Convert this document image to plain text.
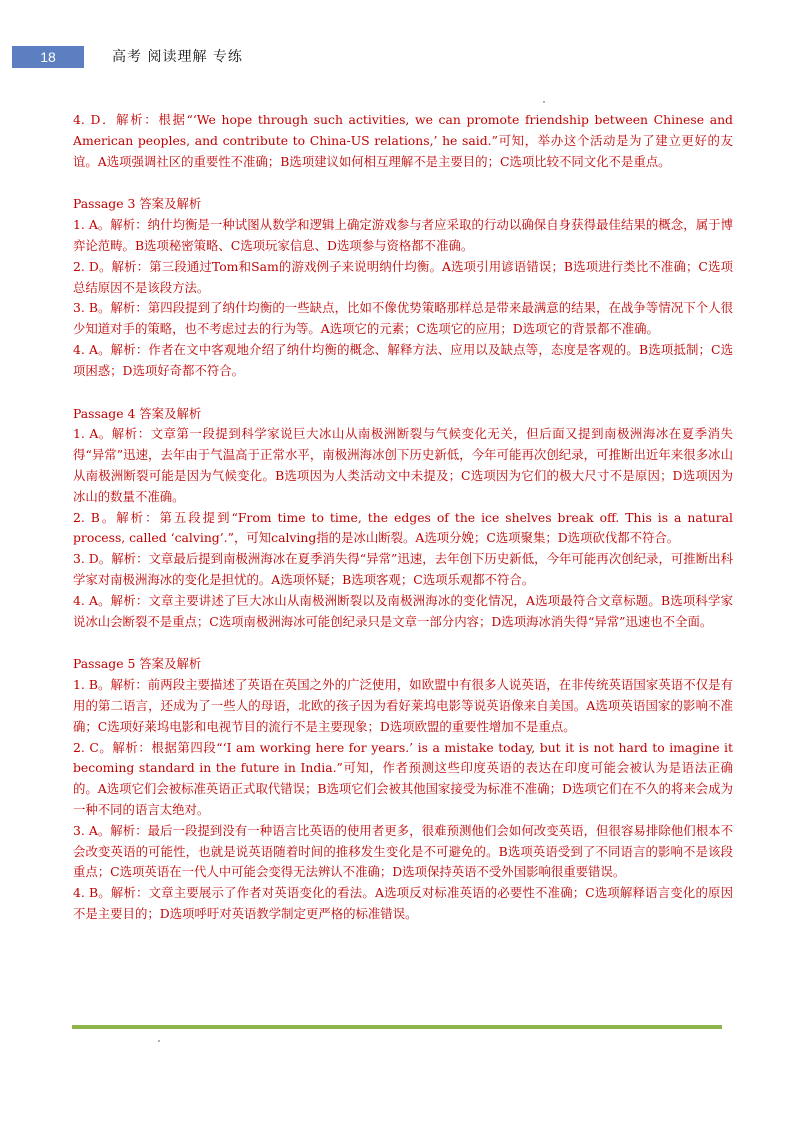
18	高考 阅读理解 专练

4. D．解析：根据“‘We hope through such activities, we can promote friendship between Chinese and American peoples, and contribute to China-US relations,’ he said.”可知，举办这个活动是为了建立更好的友谊。A选项强调社区的重要性不准确；B选项建议如何相互理解不是主要目的；C选项比较不同文化不是重点。

Passage 3 答案及解析

1. A。解析：纳什均衡是一种试图从数学和逻辑上确定游戏参与者应采取的行动以确保自身获得最佳结果的概念，属于博弈论范畴。B选项秘密策略、C选项玩家信息、D选项参与资格都不准确。

2. D。解析：第三段通过Tom和Sam的游戏例子来说明纳什均衡。A选项引用谚语错误；B选项进行类比不准确；C选项总结原因不是该段方法。

3. B。解析：第四段提到了纳什均衡的一些缺点，比如不像优势策略那样总是带来最满意的结果，在战争等情况下个人很少知道对手的策略，也不考虑过去的行为等。A选项它的元素；C选项它的应用；D选项它的背景都不准确。

4. A。解析：作者在文中客观地介绍了纳什均衡的概念、解释方法、应用以及缺点等，态度是客观的。B选项抵制；C选项困惑；D选项好奇都不符合。

Passage 4 答案及解析

1. A。解析：文章第一段提到科学家说巨大冰山从南极洲断裂与气候变化无关，但后面又提到南极洲海冰在夏季消失得“异常”迅速，去年由于气温高于正常水平，南极洲海冰创下历史新低，今年可能再次创纪录，可推断出近年来很多冰山从南极洲断裂可能是因为气候变化。B选项因为人类活动文中未提及；C选项因为它们的极大尺寸不是原因；D选项因为冰山的数量不准确。

2. B。解析：第五段提到“From time to time, the edges of the ice shelves break off. This is a natural process, called ‘calving’.”，可知calving指的是冰山断裂。A选项分娩；C选项聚集；D选项砍伐都不符合。

3. D。解析：文章最后提到南极洲海冰在夏季消失得“异常”迅速，去年创下历史新低，今年可能再次创纪录，可推断出科学家对南极洲海冰的变化是担忧的。A选项怀疑；B选项客观；C选项乐观都不符合。

4. A。解析：文章主要讲述了巨大冰山从南极洲断裂以及南极洲海冰的变化情况，A选项最符合文章标题。B选项科学家说冰山会断裂不是重点；C选项南极洲海冰可能创纪录只是文章一部分内容；D选项海冰消失得“异常”迅速也不全面。

Passage 5 答案及解析

1. B。解析：前两段主要描述了英语在英国之外的广泛使用，如欧盟中有很多人说英语，在非传统英语国家英语不仅是有用的第二语言，还成为了一些人的母语，北欧的孩子因为看好莱坞电影等说英语像来自美国。A选项英语国家的影响不准确；C选项好莱坞电影和电视节目的流行不是主要现象；D选项欧盟的重要性增加不是重点。

2. C。解析：根据第四段“‘I am working here for years.’ is a mistake today, but it is not hard to imagine it becoming standard in the future in India.”可知，作者预测这些印度英语的表达在印度可能会被认为是语法正确的。A选项它们会被标准英语正式取代错误；B选项它们会被其他国家接受为标准不准确；D选项它们在不久的将来会成为一种不同的语言太绝对。

3. A。解析：最后一段提到没有一种语言比英语的使用者更多，很难预测他们会如何改变英语，但很容易排除他们根本不会改变英语的可能性，也就是说英语随着时间的推移发生变化是不可避免的。B选项英语受到了不同语言的影响不是该段重点；C选项英语在一代人中可能会变得无法辨认不准确；D选项保持英语不受外国影响很重要错误。

4. B。解析：文章主要展示了作者对英语变化的看法。A选项反对标准英语的必要性不准确；C选项解释语言变化的原因不是主要目的；D选项呼吁对英语教学制定更严格的标准错误。
